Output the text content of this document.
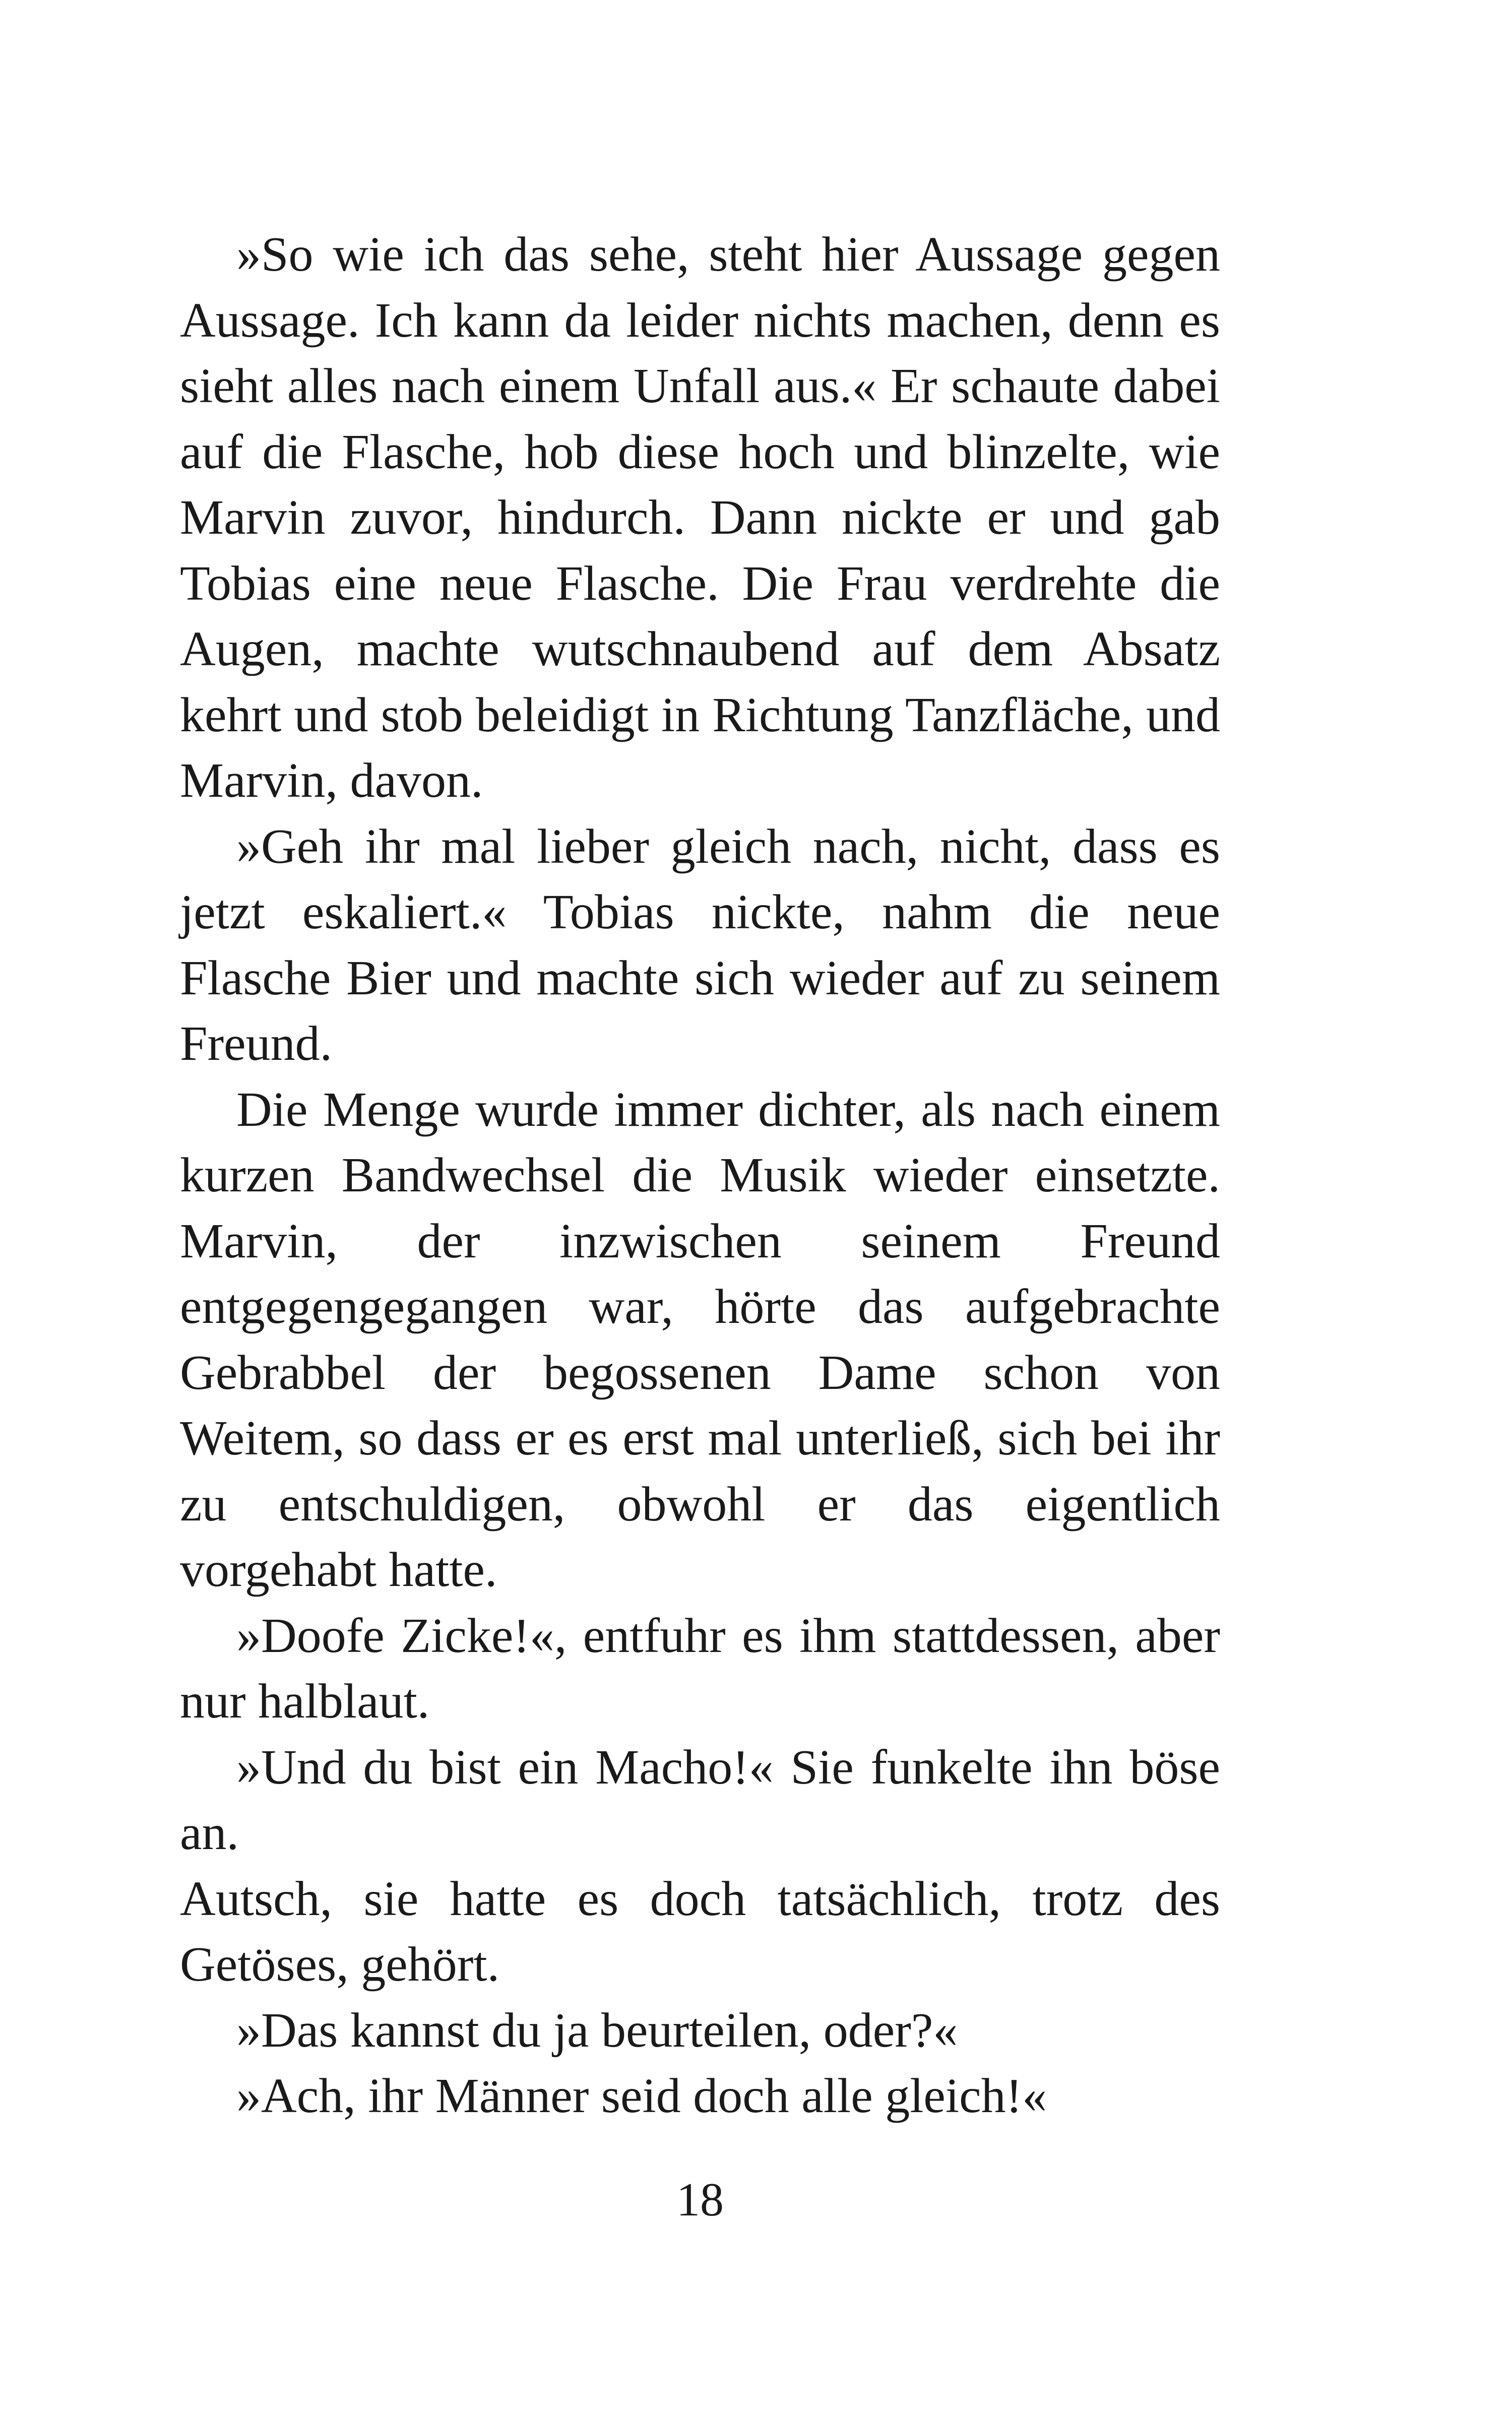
»So wie ich das sehe, steht hier Aussage gegen Aussage. Ich kann da leider nichts machen, denn es sieht alles nach einem Unfall aus.« Er schaute dabei auf die Flasche, hob diese hoch und blinzelte, wie Marvin zuvor, hindurch. Dann nickte er und gab Tobias eine neue Flasche. Die Frau verdrehte die Augen, machte wutschnaubend auf dem Absatz kehrt und stob beleidigt in Richtung Tanzfläche, und Marvin, davon.

»Geh ihr mal lieber gleich nach, nicht, dass es jetzt eskaliert.« Tobias nickte, nahm die neue Flasche Bier und machte sich wieder auf zu seinem Freund.

Die Menge wurde immer dichter, als nach einem kurzen Bandwechsel die Musik wieder einsetzte. Marvin, der inzwischen seinem Freund entgegengegangen war, hörte das aufgebrachte Gebrabbel der begossenen Dame schon von Weitem, so dass er es erst mal unterließ, sich bei ihr zu entschuldigen, obwohl er das eigentlich vorgehabt hatte.

»Doofe Zicke!«, entfuhr es ihm stattdessen, aber nur halblaut.

»Und du bist ein Macho!« Sie funkelte ihn böse an.

Autsch, sie hatte es doch tatsächlich, trotz des Getöses, gehört.

»Das kannst du ja beurteilen, oder?«

»Ach, ihr Männer seid doch alle gleich!«

18
